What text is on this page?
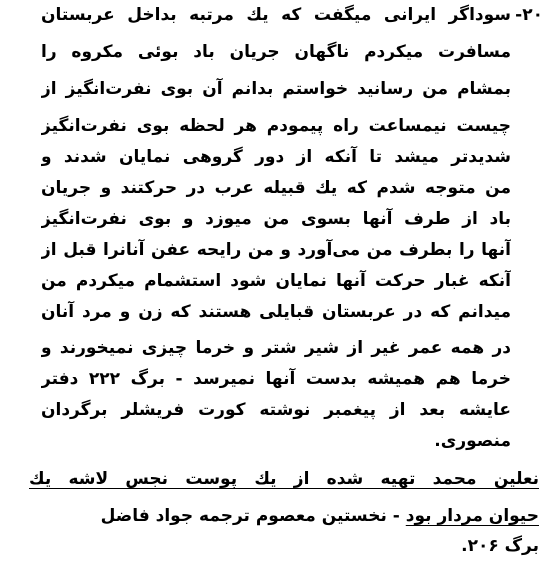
٢٠-
سوداگر ایرانی میگفت که یك مرتبه بداخل عربستان
مسافرت میکردم ناگهان جریان باد بوئی مکروه را
بمشام من رسانید خواستم بدانم آن بوی نفرت‌انگیز از
چیست نیمساعت راه پیمودم هر لحظه بوی نفرت‌انگیز
شدیدتر میشد تا آنکه از دور گروهی نمایان شدند و
من متوجه شدم که یك قبیله عرب در حرکتند و جریان
باد از طرف آنها بسوی من میوزد و بوی نفرت‌انگیز
آنها را بطرف من می‌آورد و من رایحه عفن آنانرا قبل از
آنکه غبار حرکت آنها نمایان شود استشمام میکردم من
میدانم که در عربستان قبایلی هستند که زن و مرد آنان
در همه عمر غیر از شیر شتر و خرما چیزی نمیخورند و
خرما هم همیشه بدست آنها نمیرسد - برگ ۲۲۲ دفتر
عایشه بعد از پیغمبر نوشته کورت فریشلر برگردان
منصوری.
نعلین محمد تهیه شده از یك پوست نجس لاشه یك
حیوان مردار بود - نخستین معصوم ترجمه جواد فاضل
برگ ۲۰۶.
